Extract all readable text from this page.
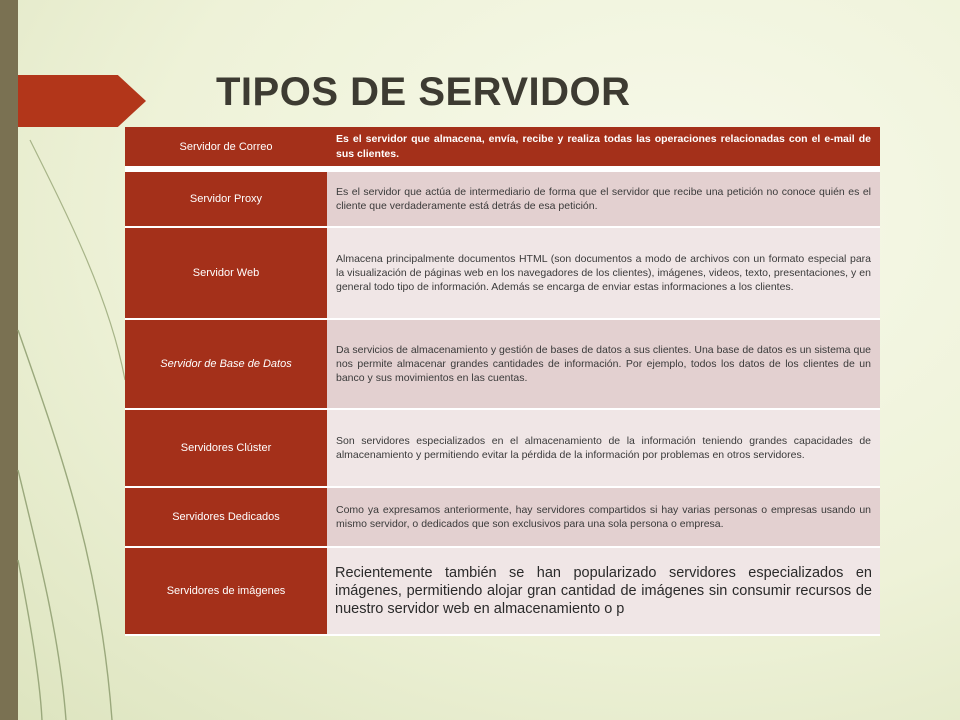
TIPOS DE SERVIDOR
Servidor de Correo	Es el servidor que almacena, envía, recibe y realiza todas las operaciones relacionadas con el e-mail de sus clientes.
Servidor Proxy	Es el servidor que actúa de intermediario de forma que el servidor que recibe una petición no conoce quién es el cliente que verdaderamente está detrás de esa petición.
Servidor Web	Almacena principalmente documentos HTML (son documentos a modo de archivos con un formato especial para la visualización de páginas web en los navegadores de los clientes), imágenes, videos, texto, presentaciones, y en general todo tipo de información. Además se encarga de enviar estas informaciones a los clientes.
Servidor de Base de Datos	Da servicios de almacenamiento y gestión de bases de datos a sus clientes. Una base de datos es un sistema que nos permite almacenar grandes cantidades de información. Por ejemplo, todos los datos de los clientes de un banco y sus movimientos en las cuentas.
Servidores Clúster	Son servidores especializados en el almacenamiento de la información teniendo grandes capacidades de almacenamiento y permitiendo evitar la pérdida de la información por problemas en otros servidores.
Servidores Dedicados	Como ya expresamos anteriormente, hay servidores compartidos si hay varias personas o empresas usando un mismo servidor, o dedicados que son exclusivos para una sola persona o empresa.
Servidores de imágenes	Recientemente también se han popularizado servidores especializados en imágenes, permitiendo alojar gran cantidad de imágenes sin consumir recursos de nuestro servidor web en almacenamiento o p
